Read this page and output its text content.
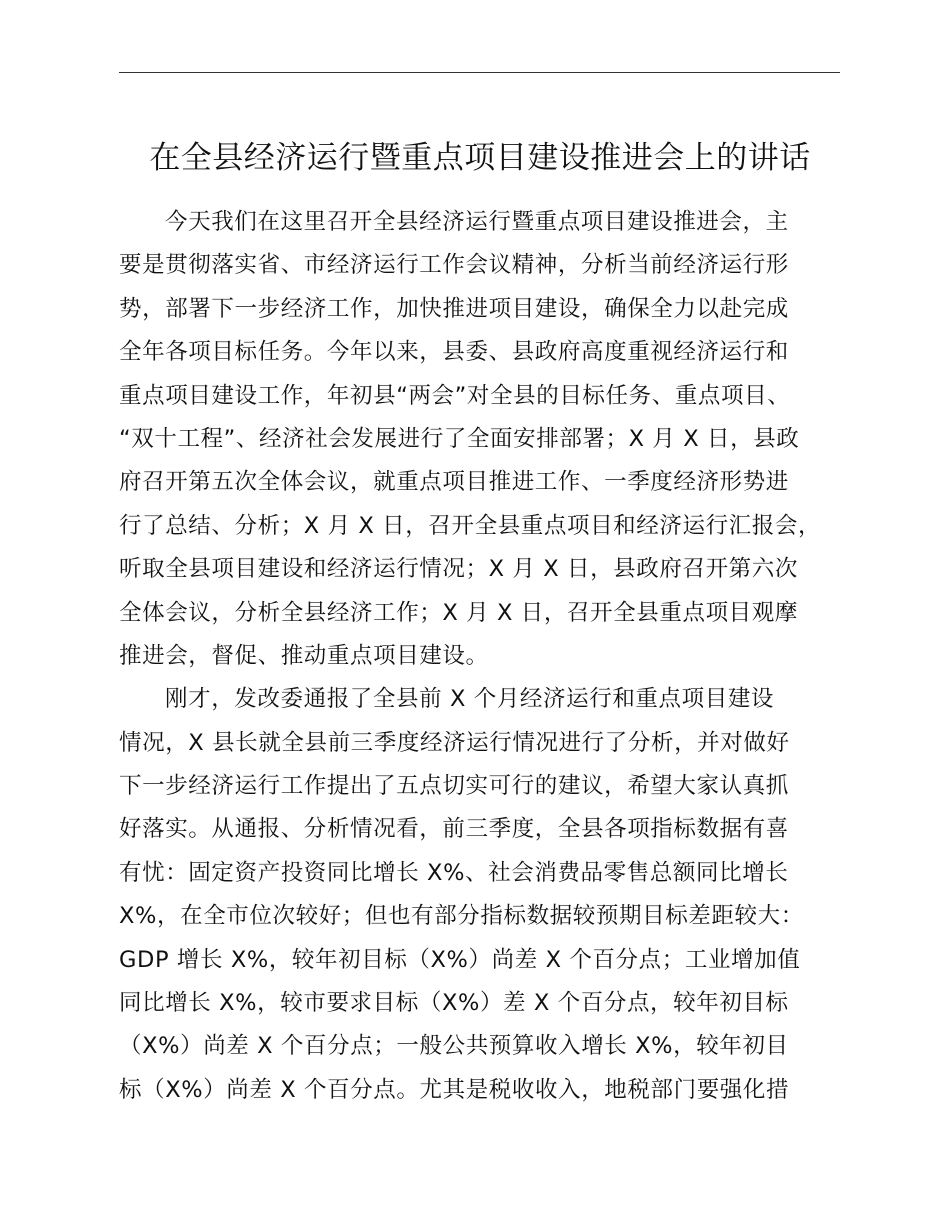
在全县经济运行暨重点项目建设推进会上的讲话
今天我们在这里召开全县经济运行暨重点项目建设推进会，主
要是贯彻落实省、市经济运行工作会议精神，分析当前经济运行形
势，部署下一步经济工作，加快推进项目建设，确保全力以赴完成
全年各项目标任务。今年以来，县委、县政府高度重视经济运行和
重点项目建设工作，年初县“两会”对全县的目标任务、重点项目、
“双十工程”、经济社会发展进行了全面安排部署；X 月 X 日，县政
府召开第五次全体会议，就重点项目推进工作、一季度经济形势进
行了总结、分析；X 月 X 日，召开全县重点项目和经济运行汇报会，
听取全县项目建设和经济运行情况；X 月 X 日，县政府召开第六次
全体会议，分析全县经济工作；X 月 X 日，召开全县重点项目观摩
推进会，督促、推动重点项目建设。
刚才，发改委通报了全县前 X 个月经济运行和重点项目建设
情况，X 县长就全县前三季度经济运行情况进行了分析，并对做好
下一步经济运行工作提出了五点切实可行的建议，希望大家认真抓
好落实。从通报、分析情况看，前三季度，全县各项指标数据有喜
有忧：固定资产投资同比增长 X%、社会消费品零售总额同比增长
X%，在全市位次较好；但也有部分指标数据较预期目标差距较大：
GDP 增长 X%，较年初目标（X%）尚差 X 个百分点；工业增加值
同比增长 X%，较市要求目标（X%）差 X 个百分点，较年初目标
（X%）尚差 X 个百分点；一般公共预算收入增长 X%，较年初目
标（X%）尚差 X 个百分点。尤其是税收收入，地税部门要强化措
